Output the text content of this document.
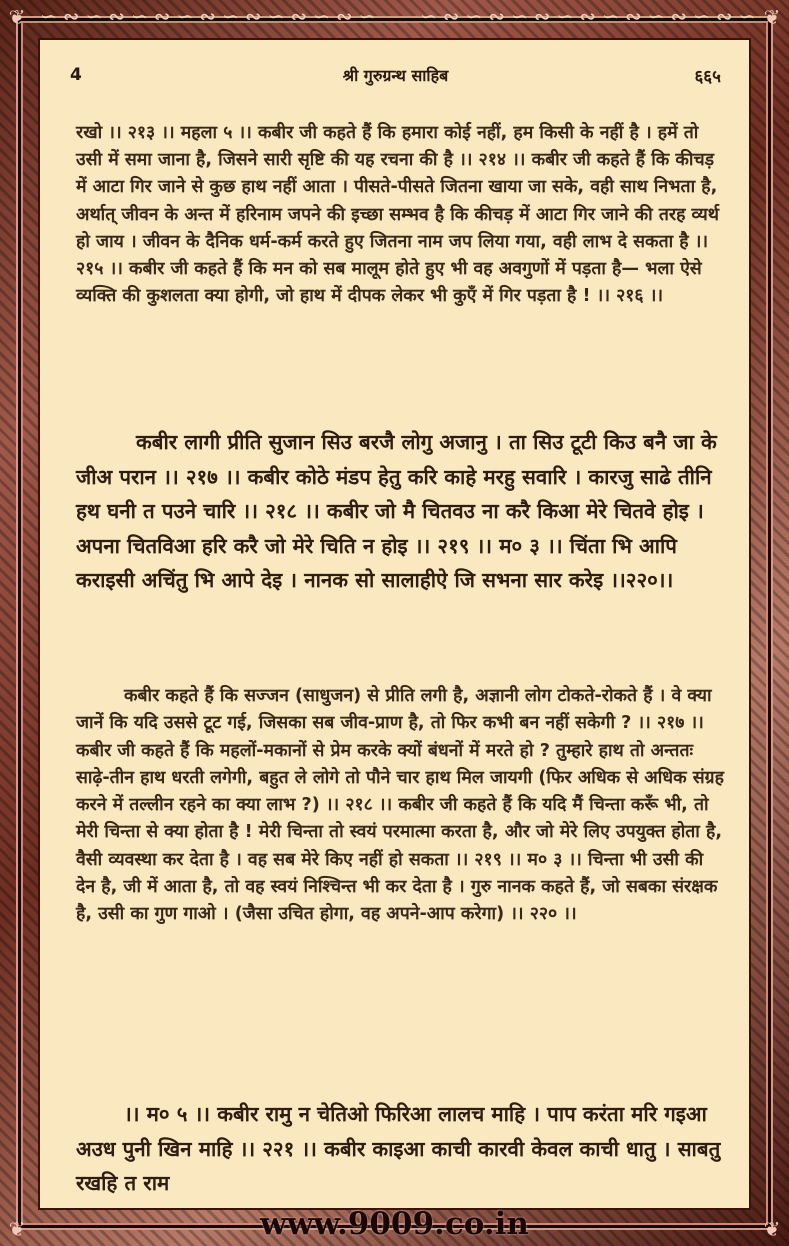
∽∾∽∾∽∾∽∾∽∾∽∾∽∾∽ ∽∾∽∾∽∾∽∾∽∾∽∾∽∾∽
❦	❦
❦	❦
4	श्री गुरुग्रन्थ साहिब	६६५

रखो ।। २१३ ।। महला ५ ।। कबीर जी कहते हैं कि हमारा कोई नहीं, हम किसी के नहीं है । हमें तो उसी में समा जाना है, जिसने सारी सृष्टि की यह रचना की है ।। २१४ ।। कबीर जी कहते हैं कि कीचड़ में आटा गिर जाने से कुछ हाथ नहीं आता । पीसते-पीसते जितना खाया जा सके, वही साथ निभता है, अर्थात् जीवन के अन्त में हरिनाम जपने की इच्छा सम्भव है कि कीचड़ में आटा गिर जाने की तरह व्यर्थ हो जाय । जीवन के दैनिक धर्म-कर्म करते हुए जितना नाम जप लिया गया, वही लाभ दे सकता है ।। २१५ ।। कबीर जी कहते हैं कि मन को सब मालूम होते हुए भी वह अवगुणों में पड़ता है— भला ऐसे व्यक्ति की कुशलता क्या होगी, जो हाथ में दीपक लेकर भी कुएँ में गिर पड़ता है ! ।। २१६ ।।

कबीर लागी प्रीति सुजान सिउ बरजै लोगु अजानु । ता सिउ टूटी किउ बनै जा के जीअ परान ।। २१७ ।। कबीर कोठे मंडप हेतु करि काहे मरहु सवारि । कारजु साढे तीनि हथ घनी त पउने चारि ।। २१८ ।। कबीर जो मै चितवउ ना करै किआ मेरे चितवे होइ । अपना चितविआ हरि करै जो मेरे चिति न होइ ।। २१९ ।। म० ३ ।। चिंता भि आपि कराइसी अचिंतु भि आपे देइ । नानक सो सालाहीऐ जि सभना सार करेइ ।।२२०।।

कबीर कहते हैं कि सज्जन (साधुजन) से प्रीति लगी है, अज्ञानी लोग टोकते-रोकते हैं । वे क्या जानें कि यदि उससे टूट गई, जिसका सब जीव-प्राण है, तो फिर कभी बन नहीं सकेगी ? ।। २१७ ।। कबीर जी कहते हैं कि महलों-मकानों से प्रेम करके क्यों बंधनों में मरते हो ? तुम्हारे हाथ तो अन्ततः साढ़े-तीन हाथ धरती लगेगी, बहुत ले लोगे तो पौने चार हाथ मिल जायगी (फिर अधिक से अधिक संग्रह करने में तल्लीन रहने का क्या लाभ ?) ।। २१८ ।। कबीर जी कहते हैं कि यदि मैं चिन्ता करूँ भी, तो मेरी चिन्ता से क्या होता है ! मेरी चिन्ता तो स्वयं परमात्मा करता है, और जो मेरे लिए उपयुक्त होता है, वैसी व्यवस्था कर देता है । वह सब मेरे किए नहीं हो सकता ।। २१९ ।। म० ३ ।। चिन्ता भी उसी की देन है, जी में आता है, तो वह स्वयं निश्चिन्त भी कर देता है । गुरु नानक कहते हैं, जो सबका संरक्षक है, उसी का गुण गाओ । (जैसा उचित होगा, वह अपने-आप करेगा) ।। २२० ।।

।। म० ५ ।। कबीर रामु न चेतिओ फिरिआ लालच माहि । पाप करंता मरि गइआ अउध पुनी खिन माहि ।। २२१ ।। कबीर काइआ काची कारवी केवल काची धातु । साबतु रखहि त राम

www.9009.co.in
